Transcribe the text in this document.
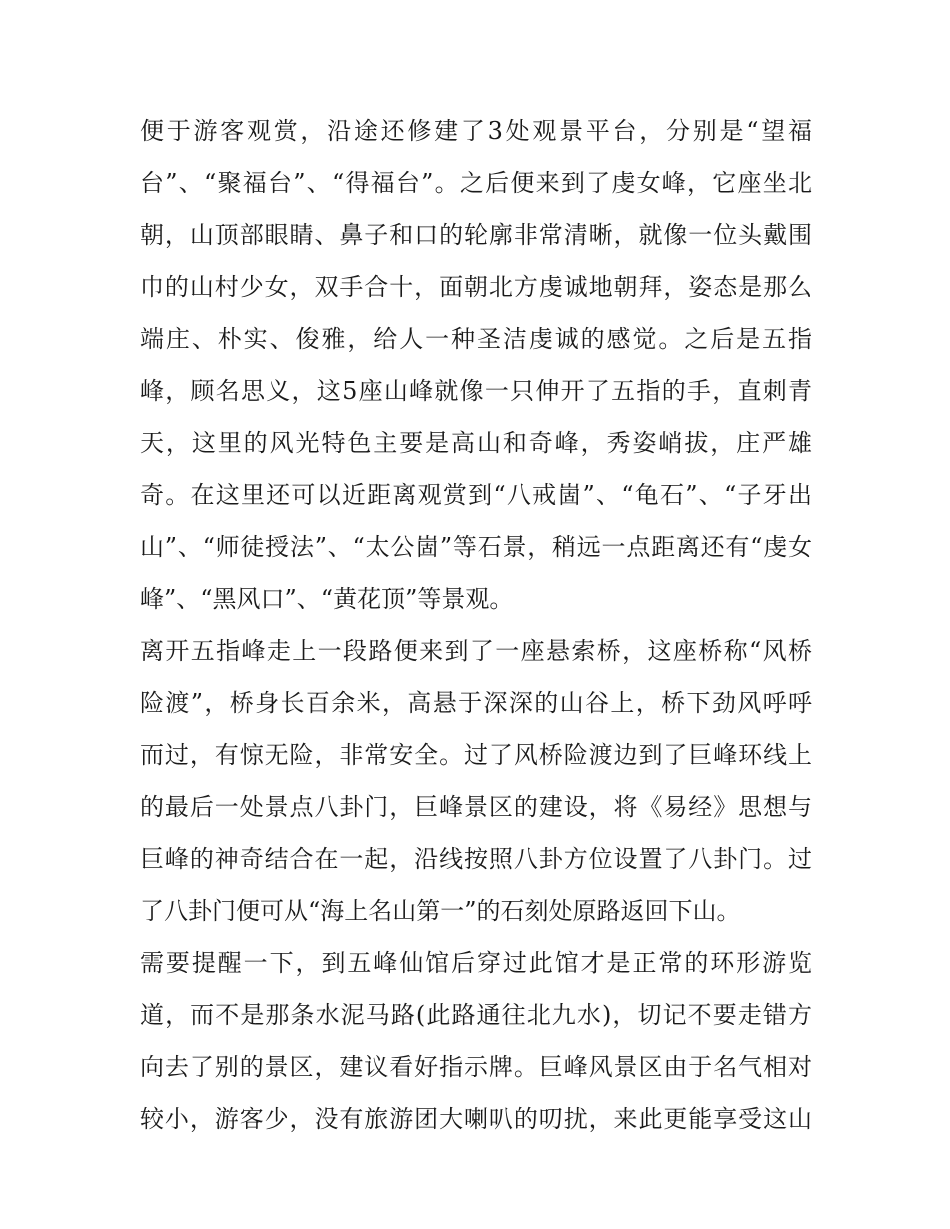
便于游客观赏，沿途还修建了3处观景平台，分别是“望福
台”、“聚福台”、“得福台”。之后便来到了虔女峰，它座坐北
朝，山顶部眼睛、鼻子和口的轮廓非常清晰，就像一位头戴围
巾的山村少女，双手合十，面朝北方虔诚地朝拜，姿态是那么
端庄、朴实、俊雅，给人一种圣洁虔诚的感觉。之后是五指
峰，顾名思义，这5座山峰就像一只伸开了五指的手，直刺青
天，这里的风光特色主要是高山和奇峰，秀姿峭拔，庄严雄
奇。在这里还可以近距离观赏到“八戒崮”、“龟石”、“子牙出
山”、“师徒授法”、“太公崮”等石景，稍远一点距离还有“虔女
峰”、“黑风口”、“黄花顶”等景观。
离开五指峰走上一段路便来到了一座悬索桥，这座桥称“风桥
险渡”，桥身长百余米，高悬于深深的山谷上，桥下劲风呼呼
而过，有惊无险，非常安全。过了风桥险渡边到了巨峰环线上
的最后一处景点八卦门，巨峰景区的建设，将《易经》思想与
巨峰的神奇结合在一起，沿线按照八卦方位设置了八卦门。过
了八卦门便可从“海上名山第一”的石刻处原路返回下山。
需要提醒一下，到五峰仙馆后穿过此馆才是正常的环形游览
道，而不是那条水泥马路(此路通往北九水)，切记不要走错方
向去了别的景区，建议看好指示牌。巨峰风景区由于名气相对
较小，游客少，没有旅游团大喇叭的叨扰，来此更能享受这山
